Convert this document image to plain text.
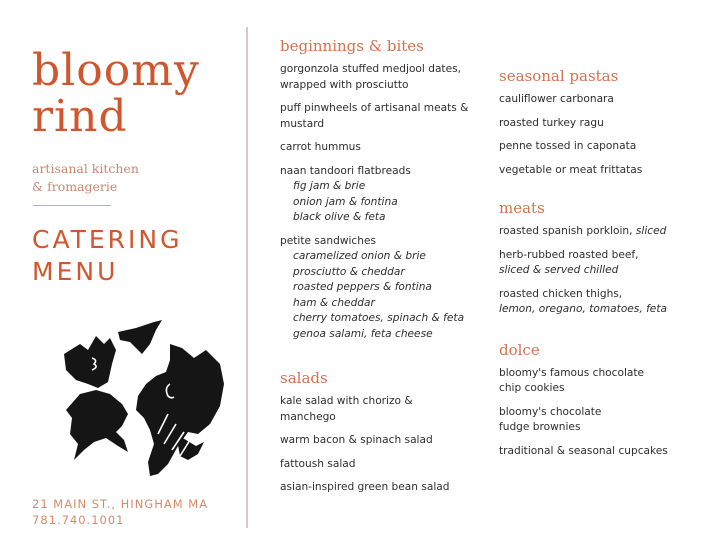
bloomy
rind
artisanal kitchen
& fromagerie
CATERING
MENU
21 MAIN ST., HINGHAM MA
781.740.1001
beginnings & bites
gorgonzola stuffed medjool dates, wrapped with prosciutto
puff pinwheels of artisanal meats & mustard
carrot hummus
naan tandoori flatbreads
fig jam & brie
onion jam & fontina
black olive & feta
petite sandwiches
caramelized onion & brie
prosciutto & cheddar
roasted peppers & fontina
ham & cheddar
cherry tomatoes, spinach & feta
genoa salami, feta cheese
salads
kale salad with chorizo & manchego
warm bacon & spinach salad
fattoush salad
asian-inspired green bean salad
seasonal pastas
cauliflower carbonara
roasted turkey ragu
penne tossed in caponata
vegetable or meat frittatas
meats
roasted spanish porkloin, sliced
herb-rubbed roasted beef,
sliced & served chilled
roasted chicken thighs,
lemon, oregano, tomatoes, feta
dolce
bloomy's famous chocolate chip cookies
bloomy's chocolate fudge brownies
traditional & seasonal cupcakes
